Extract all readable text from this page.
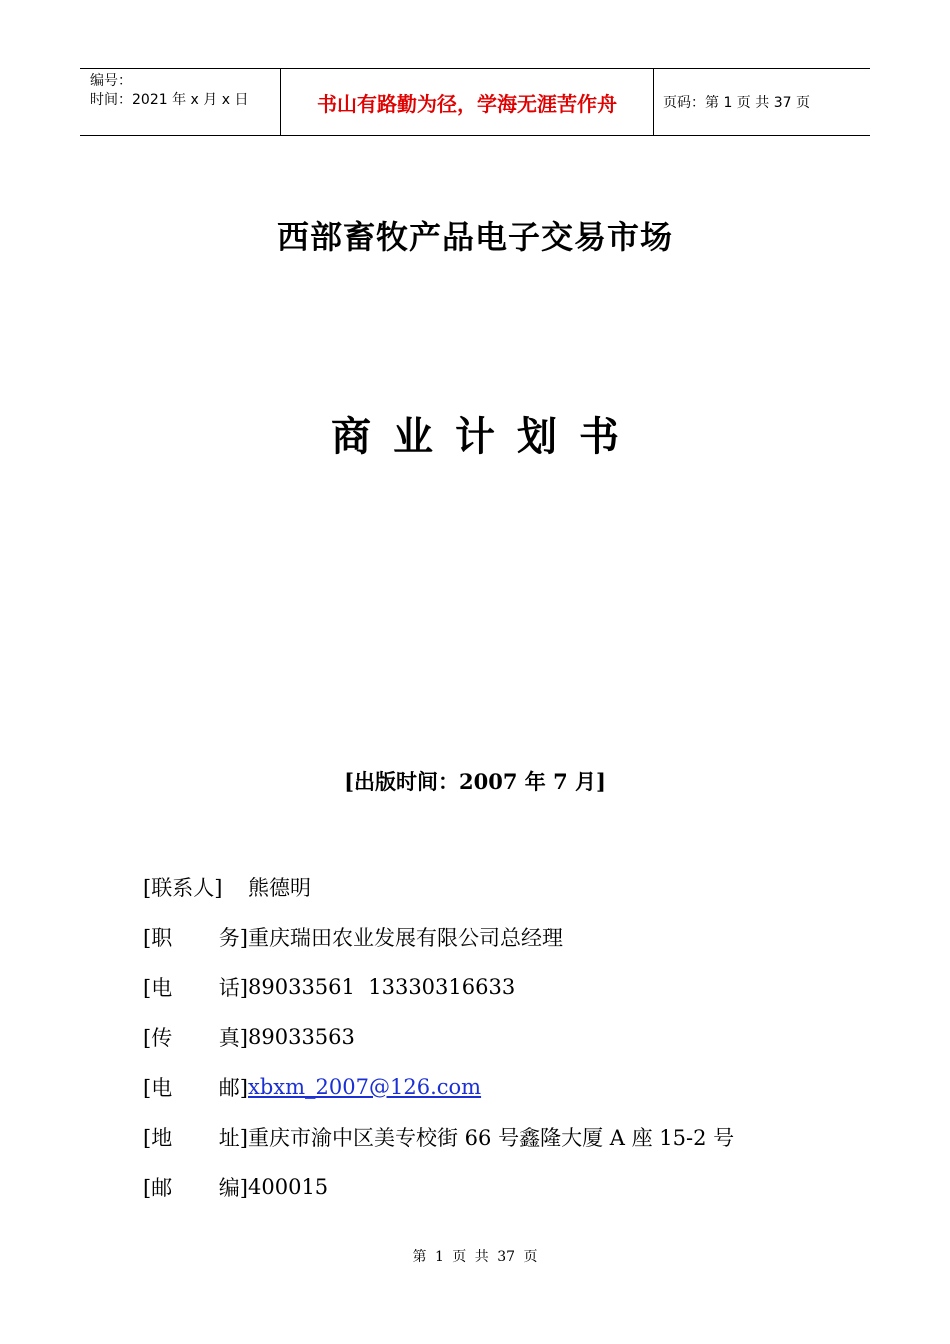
编号：
时间：2021 年 x 月 x 日	书山有路勤为径，学海无涯苦作舟	页码：第 1 页 共 37 页
西部畜牧产品电子交易市场
商业计划书
[出版时间：2007 年 7 月]
[联系人] 熊德明
[职 务] 重庆瑞田农业发展有限公司总经理
[电 话] 89033561  13330316633
[传 真] 89033563
[电 邮] xbxm_2007@126.com
[地 址] 重庆市渝中区美专校街 66 号鑫隆大厦 A 座 15-2 号
[邮 编] 400015
第 1 页 共 37 页
